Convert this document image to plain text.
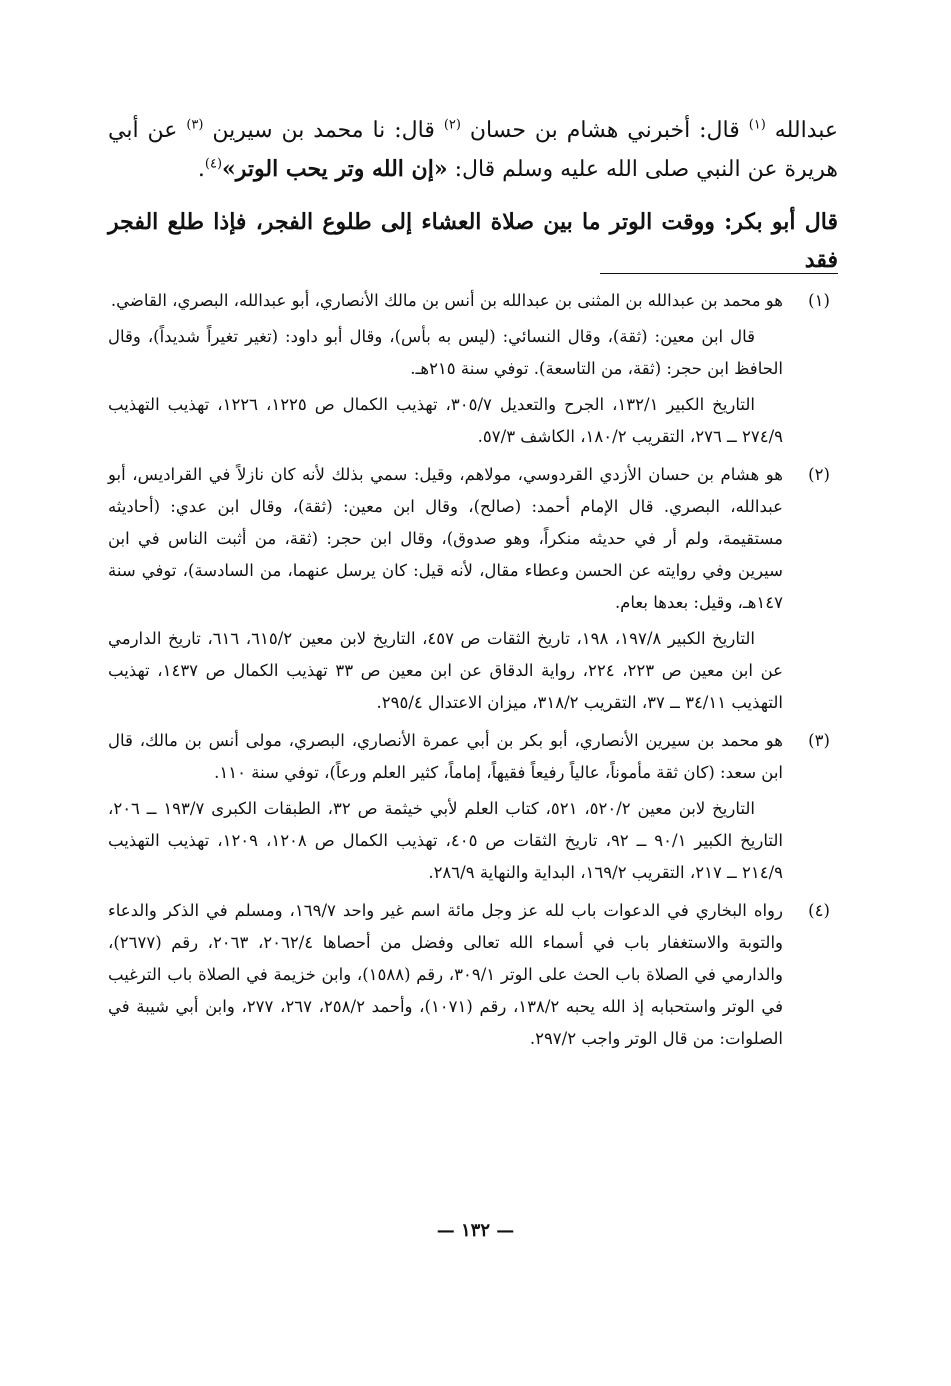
عبدالله $^{(١)}$ قال: أخبرني هشام بن حسان $^{(٢)}$ قال: نا محمد بن سيرين $^{(٣)}$ عن أبي هريرة عن النبي صلى الله عليه وسلم قال: «إن الله وتر يحب الوتر»$^{(٤)}$.

قال أبو بكر: ووقت الوتر ما بين صلاة العشاء إلى طلوع الفجر، فإذا طلع الفجر فقد

(١)

هو محمد بن عبدالله بن المثنى بن عبدالله بن أنس بن مالك الأنصاري، أبو عبدالله، البصري، القاضي.

قال ابن معين: (ثقة)، وقال النسائي: (ليس به بأس)، وقال أبو داود: (تغير تغيراً شديداً)، وقال الحافظ ابن حجر: (ثقة، من التاسعة). توفي سنة ٢١٥هـ.

التاريخ الكبير ١٣٢/١، الجرح والتعديل ٣٠٥/٧، تهذيب الكمال ص ١٢٢٥، ١٢٢٦، تهذيب التهذيب ٢٧٤/٩ ــ ٢٧٦، التقريب ١٨٠/٢، الكاشف ٥٧/٣.

(٢)

هو هشام بن حسان الأزدي القردوسي، مولاهم، وقيل: سمي بذلك لأنه كان نازلاً في القراديس، أبو عبدالله، البصري. قال الإمام أحمد: (صالح)، وقال ابن معين: (ثقة)، وقال ابن عدي: (أحاديثه مستقيمة، ولم أر في حديثه منكراً، وهو صدوق)، وقال ابن حجر: (ثقة، من أثبت الناس في ابن سيرين وفي روايته عن الحسن وعطاء مقال، لأنه قيل: كان يرسل عنهما، من السادسة)، توفي سنة ١٤٧هـ، وقيل: بعدها بعام.

التاريخ الكبير ١٩٧/٨، ١٩٨، تاريخ الثقات ص ٤٥٧، التاريخ لابن معين ٦١٥/٢، ٦١٦، تاريخ الدارمي عن ابن معين ص ٢٢٣، ٢٢٤، رواية الدقاق عن ابن معين ص ٣٣ تهذيب الكمال ص ١٤٣٧، تهذيب التهذيب ٣٤/١١ ــ ٣٧، التقريب ٣١٨/٢، ميزان الاعتدال ٢٩٥/٤.

(٣)

هو محمد بن سيرين الأنصاري، أبو بكر بن أبي عمرة الأنصاري، البصري، مولى أنس بن مالك، قال ابن سعد: (كان ثقة مأموناً، عالياً رفيعاً فقيهاً، إماماً، كثير العلم ورعاً)، توفي سنة ١١٠.

التاريخ لابن معين ٥٢٠/٢، ٥٢١، كتاب العلم لأبي خيثمة ص ٣٢، الطبقات الكبرى ١٩٣/٧ ــ ٢٠٦، التاريخ الكبير ٩٠/١ ــ ٩٢، تاريخ الثقات ص ٤٠٥، تهذيب الكمال ص ١٢٠٨، ١٢٠٩، تهذيب التهذيب ٢١٤/٩ ــ ٢١٧، التقريب ١٦٩/٢، البداية والنهاية ٢٨٦/٩.

(٤)

رواه البخاري في الدعوات باب لله عز وجل مائة اسم غير واحد ١٦٩/٧، ومسلم في الذكر والدعاء والتوبة والاستغفار باب في أسماء الله تعالى وفضل من أحصاها ٢٠٦٢/٤، ٢٠٦٣، رقم (٢٦٧٧)، والدارمي في الصلاة باب الحث على الوتر ٣٠٩/١، رقم (١٥٨٨)، وابن خزيمة في الصلاة باب الترغيب في الوتر واستحبابه إذ الله يحبه ١٣٨/٢، رقم (١٠٧١)، وأحمد ٢٥٨/٢، ٢٦٧، ٢٧٧، وابن أبي شيبة في الصلوات: من قال الوتر واجب ٢٩٧/٢.

— ١٣٢ —
